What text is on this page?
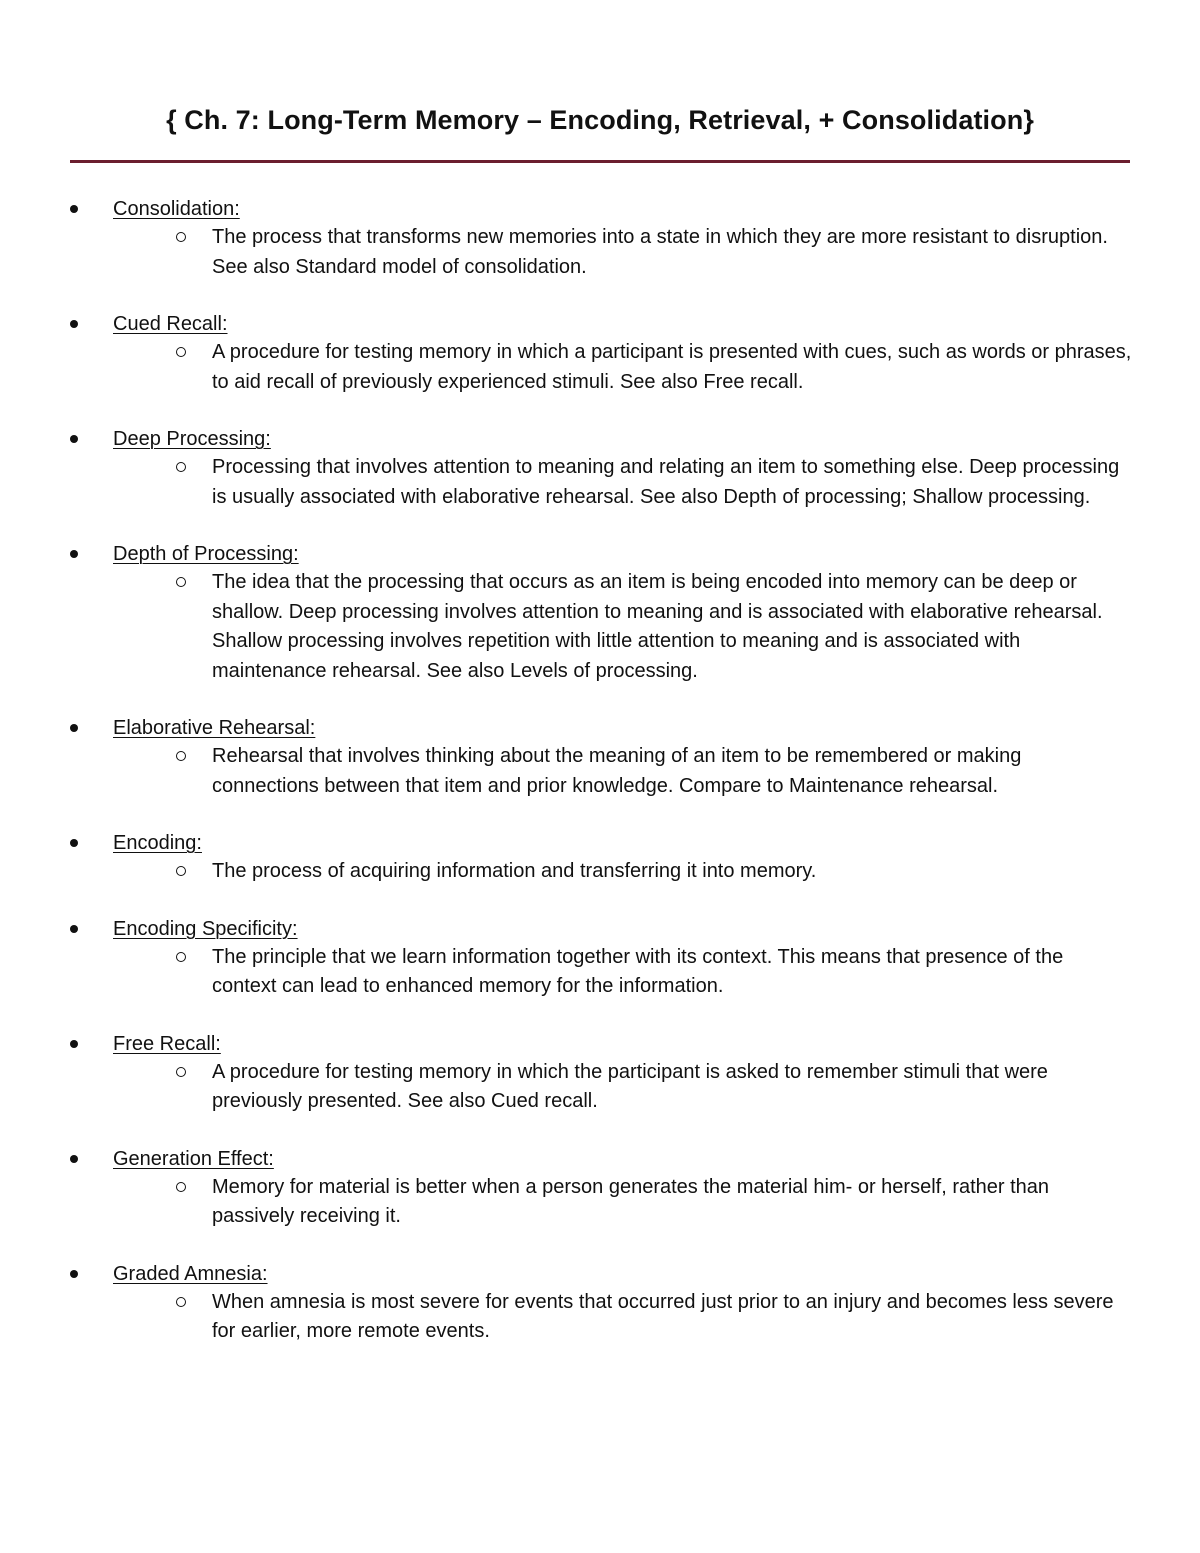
{ Ch. 7: Long-Term Memory – Encoding, Retrieval, + Consolidation}
Consolidation:
The process that transforms new memories into a state in which they are more resistant to disruption. See also Standard model of consolidation.
Cued Recall:
A procedure for testing memory in which a participant is presented with cues, such as words or phrases, to aid recall of previously experienced stimuli. See also Free recall.
Deep Processing:
Processing that involves attention to meaning and relating an item to something else. Deep processing is usually associated with elaborative rehearsal. See also Depth of processing; Shallow processing.
Depth of Processing:
The idea that the processing that occurs as an item is being encoded into memory can be deep or shallow. Deep processing involves attention to meaning and is associated with elaborative rehearsal. Shallow processing involves repetition with little attention to meaning and is associated with maintenance rehearsal. See also Levels of processing.
Elaborative Rehearsal:
Rehearsal that involves thinking about the meaning of an item to be remembered or making connections between that item and prior knowledge. Compare to Maintenance rehearsal.
Encoding:
The process of acquiring information and transferring it into memory.
Encoding Specificity:
The principle that we learn information together with its context. This means that presence of the context can lead to enhanced memory for the information.
Free Recall:
A procedure for testing memory in which the participant is asked to remember stimuli that were previously presented. See also Cued recall.
Generation Effect:
Memory for material is better when a person generates the material him- or herself, rather than passively receiving it.
Graded Amnesia:
When amnesia is most severe for events that occurred just prior to an injury and becomes less severe for earlier, more remote events.
